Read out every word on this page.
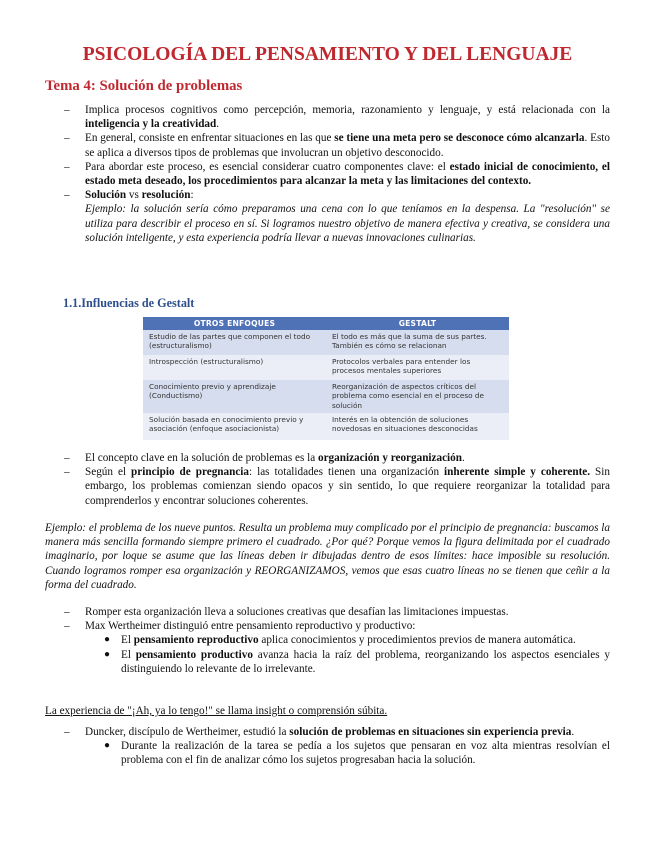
PSICOLOGÍA DEL PENSAMIENTO Y DEL LENGUAJE
Tema 4: Solución de problemas
– Implica procesos cognitivos como percepción, memoria, razonamiento y lenguaje, y está relacionada con la inteligencia y la creatividad.
– En general, consiste en enfrentar situaciones en las que se tiene una meta pero se desconoce cómo alcanzarla. Esto se aplica a diversos tipos de problemas que involucran un objetivo desconocido.
– Para abordar este proceso, es esencial considerar cuatro componentes clave: el estado inicial de conocimiento, el estado meta deseado, los procedimientos para alcanzar la meta y las limitaciones del contexto.
– Solución vs resolución:
Ejemplo: la solución sería cómo preparamos una cena con lo que teníamos en la despensa. La "resolución" se utiliza para describir el proceso en sí. Si logramos nuestro objetivo de manera efectiva y creativa, se considera una solución inteligente, y esta experiencia podría llevar a nuevas innovaciones culinarias.
1.1.Influencias de Gestalt
OTROS ENFOQUES	GESTALT
Estudio de las partes que componen el todo (estructuralismo)	El todo es más que la suma de sus partes. También es cómo se relacionan
Introspección (estructuralismo)	Protocolos verbales para entender los procesos mentales superiores
Conocimiento previo y aprendizaje (Conductismo)	Reorganización de aspectos críticos del problema como esencial en el proceso de solución
Solución basada en conocimiento previo y asociación (enfoque asociacionista)	Interés en la obtención de soluciones novedosas en situaciones desconocidas
– El concepto clave en la solución de problemas es la organización y reorganización.
– Según el principio de pregnancia: las totalidades tienen una organización inherente simple y coherente. Sin embargo, los problemas comienzan siendo opacos y sin sentido, lo que requiere reorganizar la totalidad para comprenderlos y encontrar soluciones coherentes.
Ejemplo: el problema de los nueve puntos. Resulta un problema muy complicado por el principio de pregnancia: buscamos la manera más sencilla formando siempre primero el cuadrado. ¿Por qué? Porque vemos la figura delimitada por el cuadrado imaginario, por loque se asume que las líneas deben ir dibujadas dentro de esos límites: hace imposible su resolución. Cuando logramos romper esa organización y REORGANIZAMOS, vemos que esas cuatro líneas no se tienen que ceñir a la forma del cuadrado.
– Romper esta organización lleva a soluciones creativas que desafían las limitaciones impuestas.
– Max Wertheimer distinguió entre pensamiento reproductivo y productivo:
● El pensamiento reproductivo aplica conocimientos y procedimientos previos de manera automática.
● El pensamiento productivo avanza hacia la raíz del problema, reorganizando los aspectos esenciales y distinguiendo lo relevante de lo irrelevante.
La experiencia de "¡Ah, ya lo tengo!" se llama insight o comprensión súbita.
– Duncker, discípulo de Wertheimer, estudió la solución de problemas en situaciones sin experiencia previa.
● Durante la realización de la tarea se pedía a los sujetos que pensaran en voz alta mientras resolvían el problema con el fin de analizar cómo los sujetos progresaban hacia la solución.
